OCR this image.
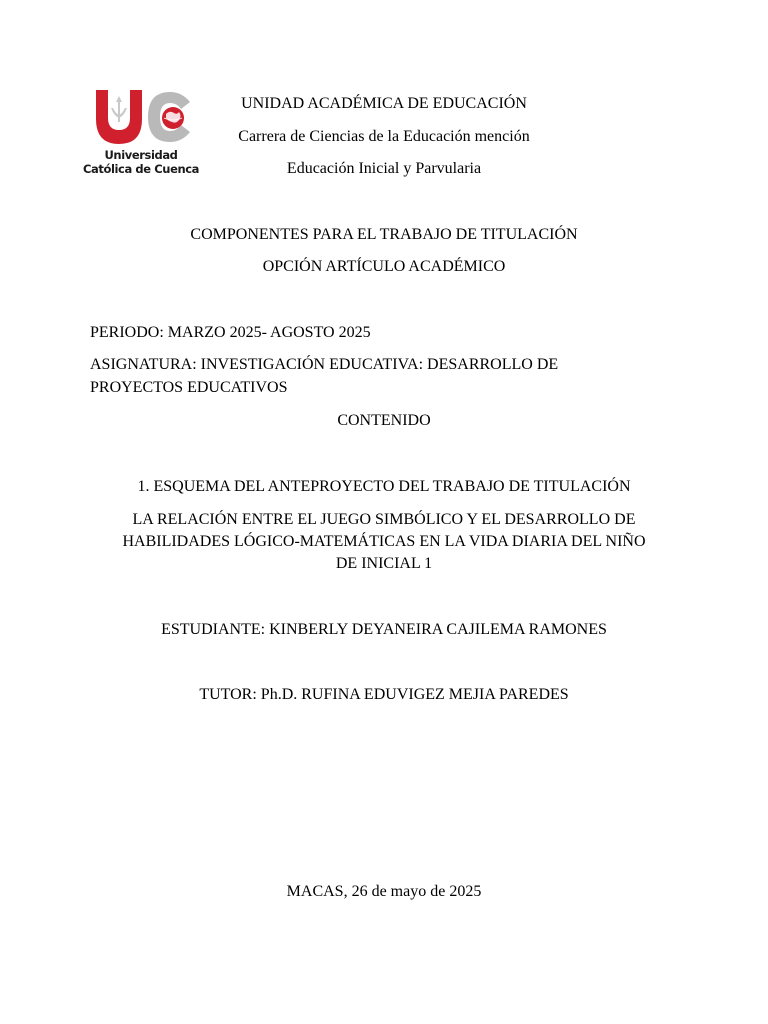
Universidad
Católica de Cuenca
UNIDAD ACADÉMICA DE EDUCACIÓN
Carrera de Ciencias de la Educación mención
Educación Inicial y Parvularia
COMPONENTES PARA EL TRABAJO DE TITULACIÓN
OPCIÓN ARTÍCULO ACADÉMICO
PERIODO: MARZO 2025- AGOSTO 2025
ASIGNATURA: INVESTIGACIÓN EDUCATIVA: DESARROLLO DE
PROYECTOS EDUCATIVOS
CONTENIDO
1. ESQUEMA DEL ANTEPROYECTO DEL TRABAJO DE TITULACIÓN
LA RELACIÓN ENTRE EL JUEGO SIMBÓLICO Y EL DESARROLLO DE
HABILIDADES LÓGICO-MATEMÁTICAS EN LA VIDA DIARIA DEL NIÑO
DE INICIAL 1
ESTUDIANTE: KINBERLY DEYANEIRA CAJILEMA RAMONES
TUTOR: Ph.D. RUFINA EDUVIGEZ MEJIA PAREDES
MACAS, 26 de mayo de 2025
